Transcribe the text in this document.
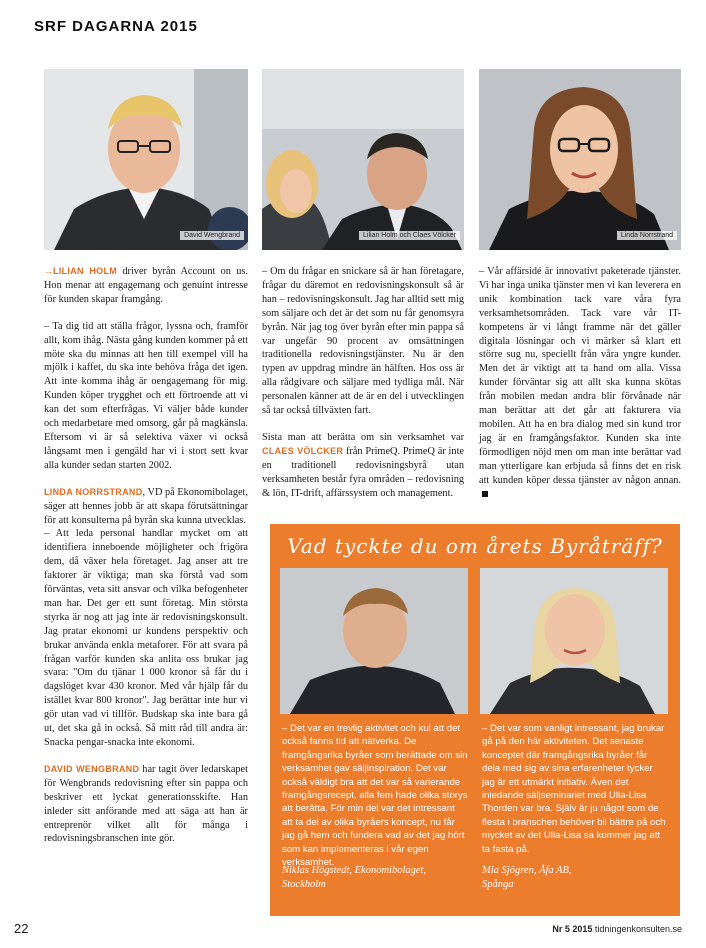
SRF DAGARNA 2015
David Wengbrand	Lilian Holm och Claes Völcker	Linda Norrstrand

→LILIAN HOLM driver byrån Account on us. Hon menar att engagemang och genuint intresse för kunden skapar framgång.

– Ta dig tid att ställa frågor, lyssna och, framför allt, kom ihåg. Nästa gång kunden kommer på ett möte ska du minnas att hen till exempel vill ha mjölk i kaffet, du ska inte behöva fråga det igen. Att inte komma ihåg är oengagemang för mig. Kunden köper trygghet och ett förtroende att vi kan det som efterfrågas. Vi väljer både kunder och medarbetare med omsorg, går på magkänsla. Eftersom vi är så selektiva växer vi också långsamt men i gengäld har vi i stort sett kvar alla kunder sedan starten 2002.

LINDA NORRSTRAND, VD på Ekonomibolaget, säger att hennes jobb är att skapa förutsättningar för att konsulterna på byrån ska kunna utvecklas.

– Att leda personal handlar mycket om att identifiera inneboende möjligheter och frigöra dem, då växer hela företaget. Jag anser att tre faktorer är viktiga; man ska förstå vad som förväntas, veta sitt ansvar och vilka befogenheter man har. Det ger ett sunt företag. Min största styrka är nog att jag inte är redovisningskonsult. Jag pratar ekonomi ur kundens perspektiv och brukar använda enkla metaforer. För att svara på frågan varför kunden ska anlita oss brukar jag svara: "Om du tjänar 1 000 kronor så får du i dagslöget kvar 430 kronor. Med vår hjälp får du istället kvar 800 kronor". Jag berättar inte hur vi gör utan vad vi tillför. Budskap ska inte bara gå ut, det ska gå in också. Så mitt råd till andra är: Snacka pengar-snacka inte ekonomi.

DAVID WENGBRAND har tagit över ledarskapet för Wengbrands redovisning efter sin pappa och beskriver ett lyckat generationsskifte. Han inleder sitt anförande med att säga att han är entreprenör vilket allt för många i redovisningsbranschen inte gör.

– Om du frågar en snickare så är han företagare, frågar du däremot en redovisningskonsult så är han – redovisningskonsult. Jag har alltid sett mig som säljare och det är det som nu får genomsyra byrån. När jag tog över byrån efter min pappa så var ungefär 90 procent av omsättningen traditionella redovisningstjänster. Nu är den typen av uppdrag mindre än hälften. Hos oss är alla rådgivare och säljare med tydliga mål. När personalen känner att de är en del i utvecklingen så tar också tillväxten fart.

Sista man att berätta om sin verksamhet var CLAES VÖLCKER från PrimeQ. PrimeQ är inte en traditionell redovisningsbyrå utan verksamheten består fyra områden – redovisning & lön, IT-drift, affärssystem och management.

– Vår affärsidé är innovativt paketerade tjänster. Vi har inga unika tjänster men vi kan leverera en unik kombination tack vare våra fyra verksamhetsområden. Tack vare vår IT-kompetens är vi långt framme när det gäller digitala lösningar och vi märker så klart ett större sug nu, speciellt från våra yngre kunder. Men det är viktigt att ta hand om alla. Vissa kunder förväntar sig att allt ska kunna skötas från mobilen medan andra blir förvånade när man berättar att det går att fakturera via mobilen. Att ha en bra dialog med sin kund tror jag är en framgångsfaktor. Kunden ska inte förmodligen nöjd men om man inte berättar vad man ytterligare kan erbjuda så finns det en risk att kunden köper dessa tjänster av någon annan.

Vad tyckte du om årets Byråträff?
– Det var en trevlig aktivitet och kul att det också fanns tid att nätverka. De framgångsrika byråer som berättade om sin verksamhet gav säljinspiration. Det var också väldigt bra att det var så varierande framgångsrecept, alla fem hade olika storys att berätta. För min del var det intressant att ta del av olika byråers koncept, nu får jag gå hem och fundera vad av det jag hört som kan implementeras i vår egen verksamhet.
– Det var som vanligt intressant, jag brukar gå på den här aktiviteten. Det senaste konceptet där framgångsrika byråer får dela med sig av sina erfarenheter tycker jag är ett utmärkt initiativ. Även det inledande säljseminariet med Ulla-Lisa Thorden var bra. Själv är ju något som de flesta i branschen behöver bli bättre på och mycket av det Ulla-Lisa sa kommer jag att ta fasta på.
Niklas Högstedt, Ekonomibolaget,
Stockholm
Mia Sjögren, Åfa AB,
Spånga
22	Nr 5 2015 tidningenkonsulten.se
